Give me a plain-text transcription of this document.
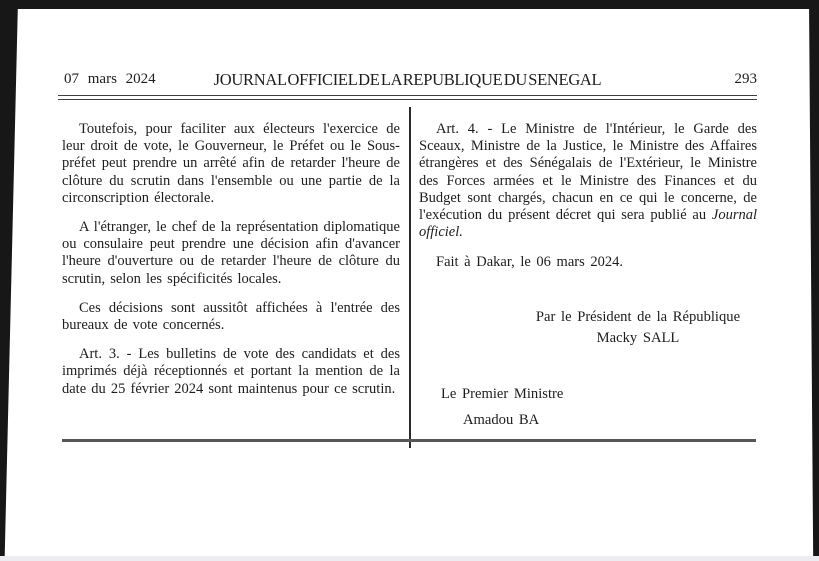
07 mars 2024	JOURNAL OFFICIEL DE LA REPUBLIQUE DU SENEGAL	293

Toutefois, pour faciliter aux électeurs l'exercice de leur droit de vote, le Gouverneur, le Préfet ou le Sous-préfet peut prendre un arrêté afin de retarder l'heure de clôture du scrutin dans l'ensemble ou une partie de la circonscription électorale.

A l'étranger, le chef de la représentation diplomatique ou consulaire peut prendre une décision afin d'avancer l'heure d'ouverture ou de retarder l'heure de clôture du scrutin, selon les spécificités locales.

Ces décisions sont aussitôt affichées à l'entrée des bureaux de vote concernés.

Art. 3. - Les bulletins de vote des candidats et des imprimés déjà réceptionnés et portant la mention de la date du 25 février 2024 sont maintenus pour ce scrutin.

Art. 4. - Le Ministre de l'Intérieur, le Garde des Sceaux, Ministre de la Justice, le Ministre des Affaires étrangères et des Sénégalais de l'Extérieur, le Ministre des Forces armées et le Ministre des Finances et du Budget sont chargés, chacun en ce qui le concerne, de l'exécution du présent décret qui sera publié au Journal officiel.

Fait à Dakar, le 06 mars 2024.

Par le Président de la République
Macky SALL
Le Premier Ministre
Amadou BA
